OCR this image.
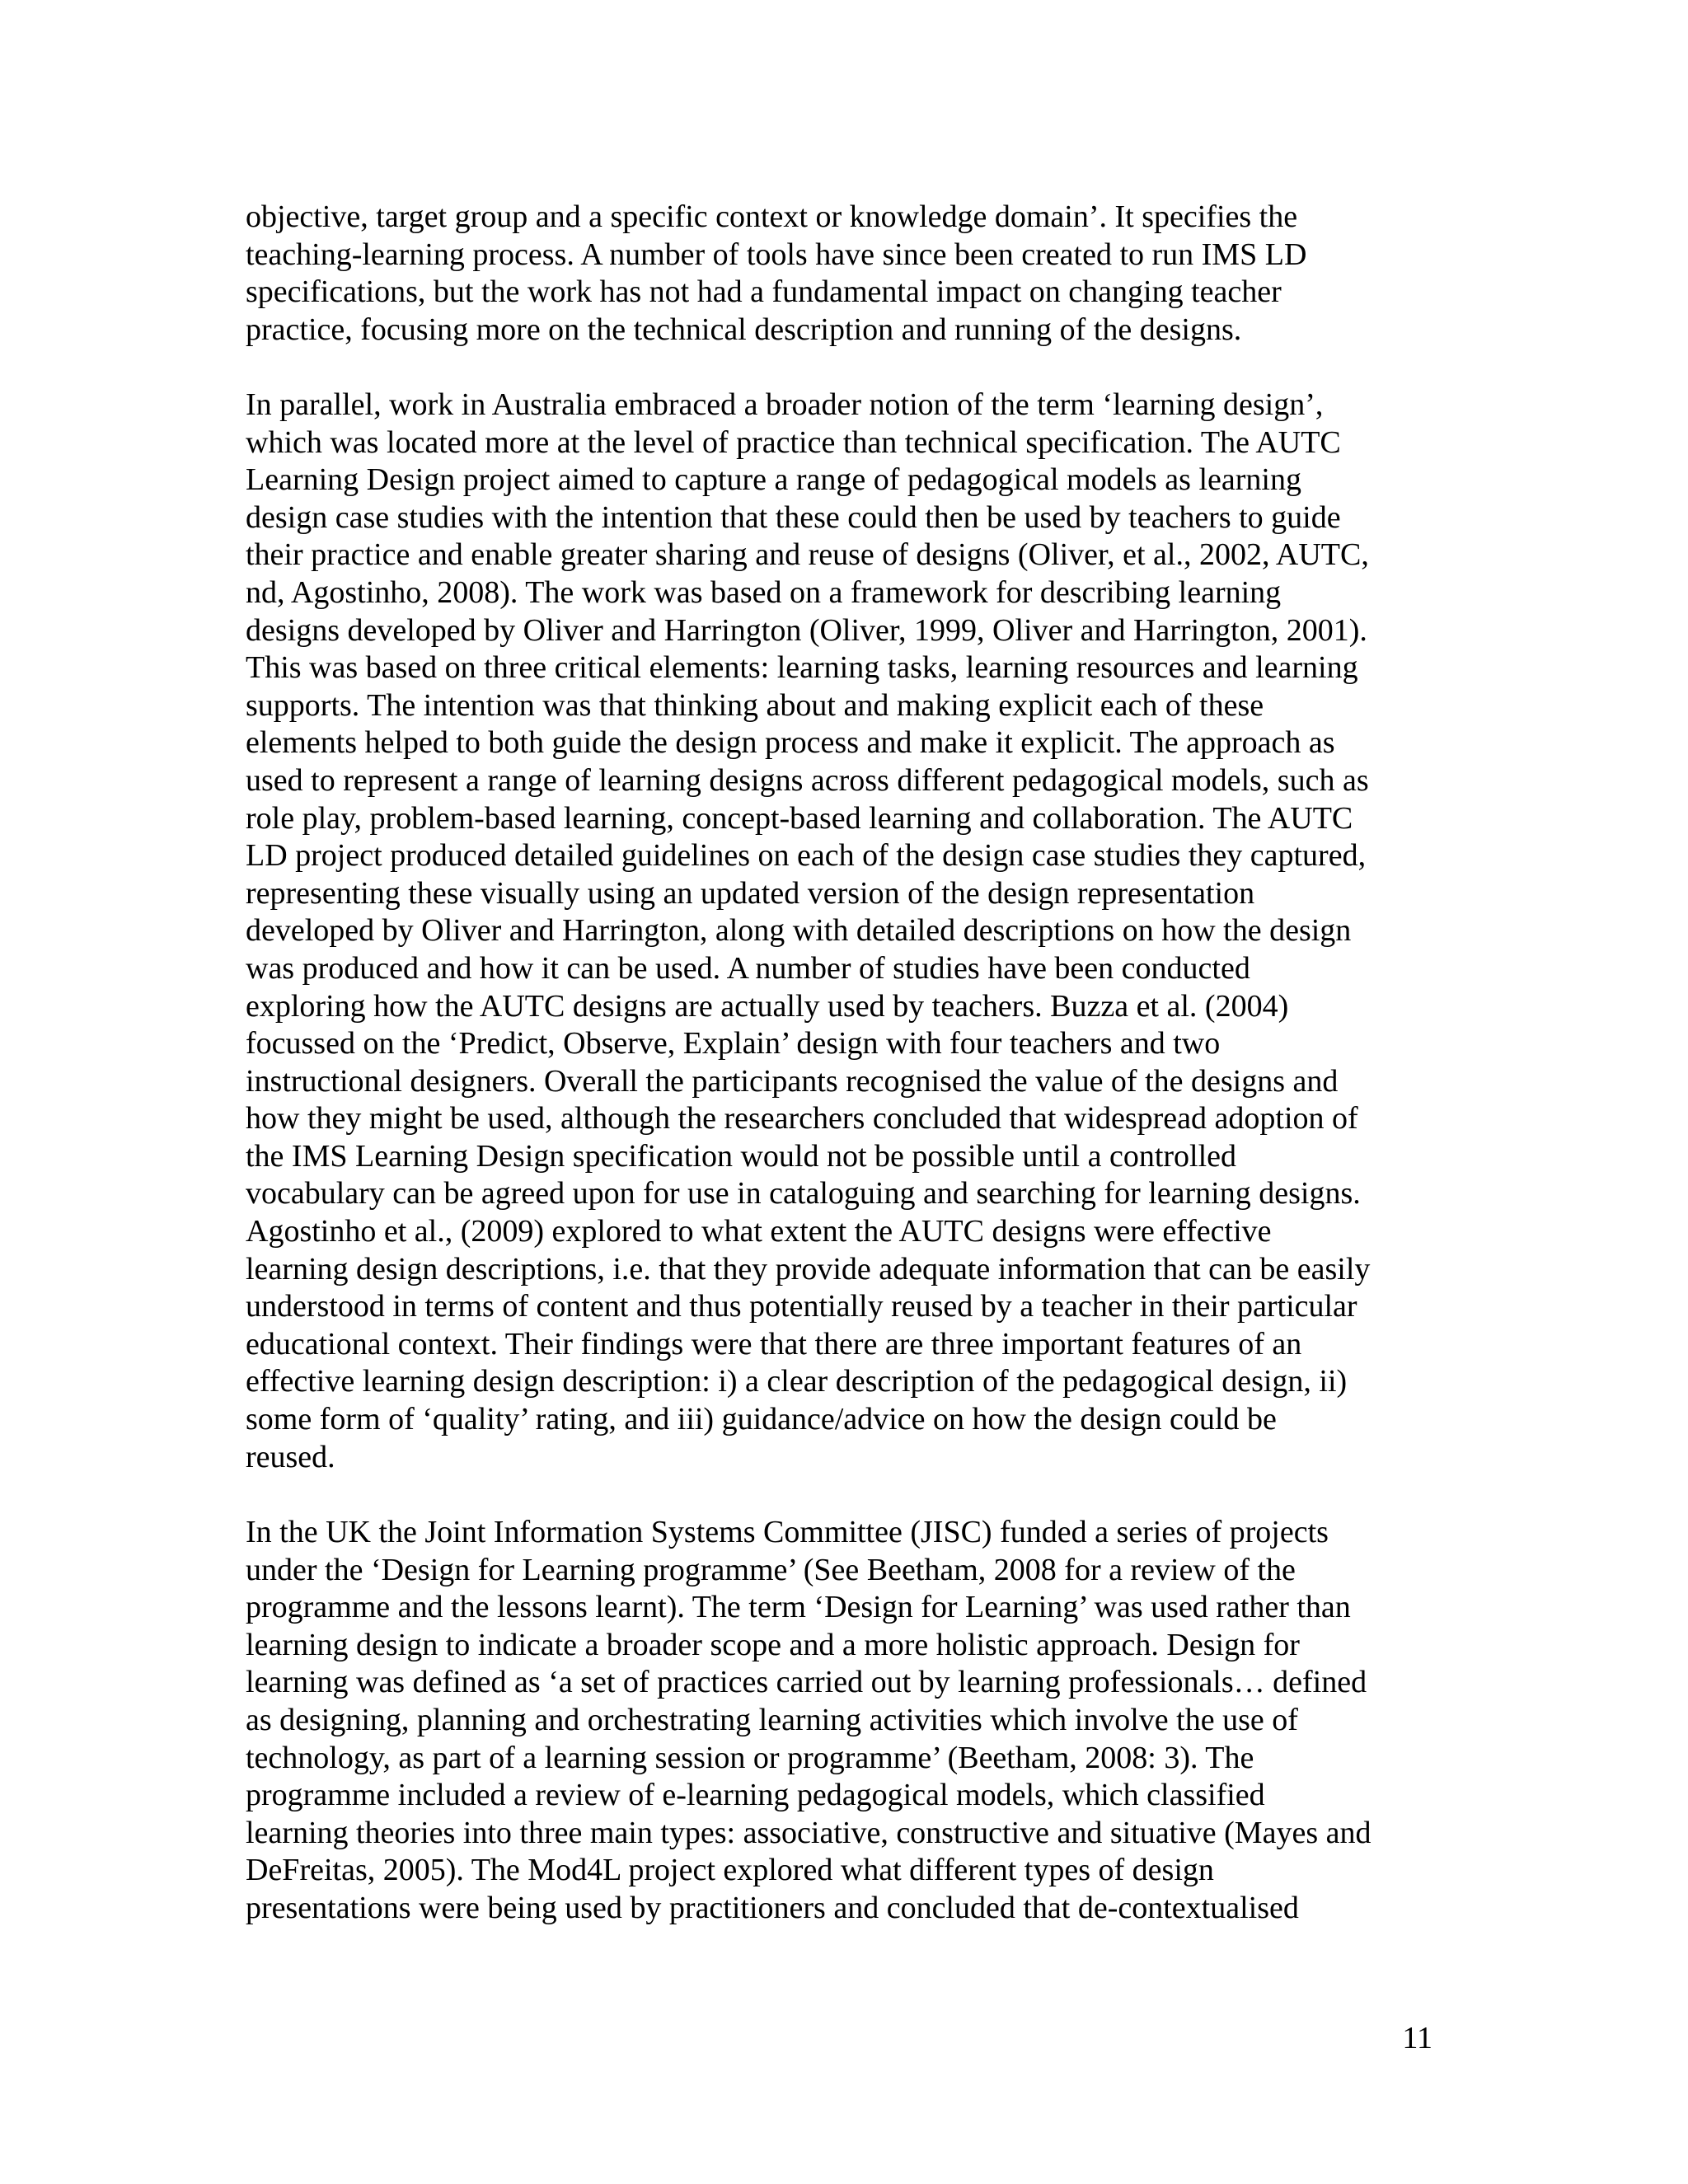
objective, target group and a specific context or knowledge domain’. It specifies the
teaching-learning process. A number of tools have since been created to run IMS LD
specifications, but the work has not had a fundamental impact on changing teacher
practice, focusing more on the technical description and running of the designs.

In parallel, work in Australia embraced a broader notion of the term ‘learning design’,
which was located more at the level of practice than technical specification. The AUTC
Learning Design project aimed to capture a range of pedagogical models as learning
design case studies with the intention that these could then be used by teachers to guide
their practice and enable greater sharing and reuse of designs (Oliver, et al., 2002, AUTC,
nd, Agostinho, 2008). The work was based on a framework for describing learning
designs developed by Oliver and Harrington (Oliver, 1999, Oliver and Harrington, 2001).
This was based on three critical elements: learning tasks, learning resources and learning
supports. The intention was that thinking about and making explicit each of these
elements helped to both guide the design process and make it explicit. The approach as
used to represent a range of learning designs across different pedagogical models, such as
role play, problem-based learning, concept-based learning and collaboration. The AUTC
LD project produced detailed guidelines on each of the design case studies they captured,
representing these visually using an updated version of the design representation
developed by Oliver and Harrington, along with detailed descriptions on how the design
was produced and how it can be used. A number of studies have been conducted
exploring how the AUTC designs are actually used by teachers. Buzza et al. (2004)
focussed on the ‘Predict, Observe, Explain’ design with four teachers and two
instructional designers. Overall the participants recognised the value of the designs and
how they might be used, although the researchers concluded that widespread adoption of
the IMS Learning Design specification would not be possible until a controlled
vocabulary can be agreed upon for use in cataloguing and searching for learning designs.
Agostinho et al., (2009) explored to what extent the AUTC designs were effective
learning design descriptions, i.e. that they provide adequate information that can be easily
understood in terms of content and thus potentially reused by a teacher in their particular
educational context. Their findings were that there are three important features of an
effective learning design description: i) a clear description of the pedagogical design, ii)
some form of ‘quality’ rating, and iii) guidance/advice on how the design could be
reused.

In the UK the Joint Information Systems Committee (JISC) funded a series of projects
under the ‘Design for Learning programme’ (See Beetham, 2008 for a review of the
programme and the lessons learnt). The term ‘Design for Learning’ was used rather than
learning design to indicate a broader scope and a more holistic approach. Design for
learning was defined as ‘a set of practices carried out by learning professionals… defined
as designing, planning and orchestrating learning activities which involve the use of
technology, as part of a learning session or programme’ (Beetham, 2008: 3). The
programme included a review of e-learning pedagogical models, which classified
learning theories into three main types: associative, constructive and situative (Mayes and
DeFreitas, 2005). The Mod4L project explored what different types of design
presentations were being used by practitioners and concluded that de-contextualised

11
